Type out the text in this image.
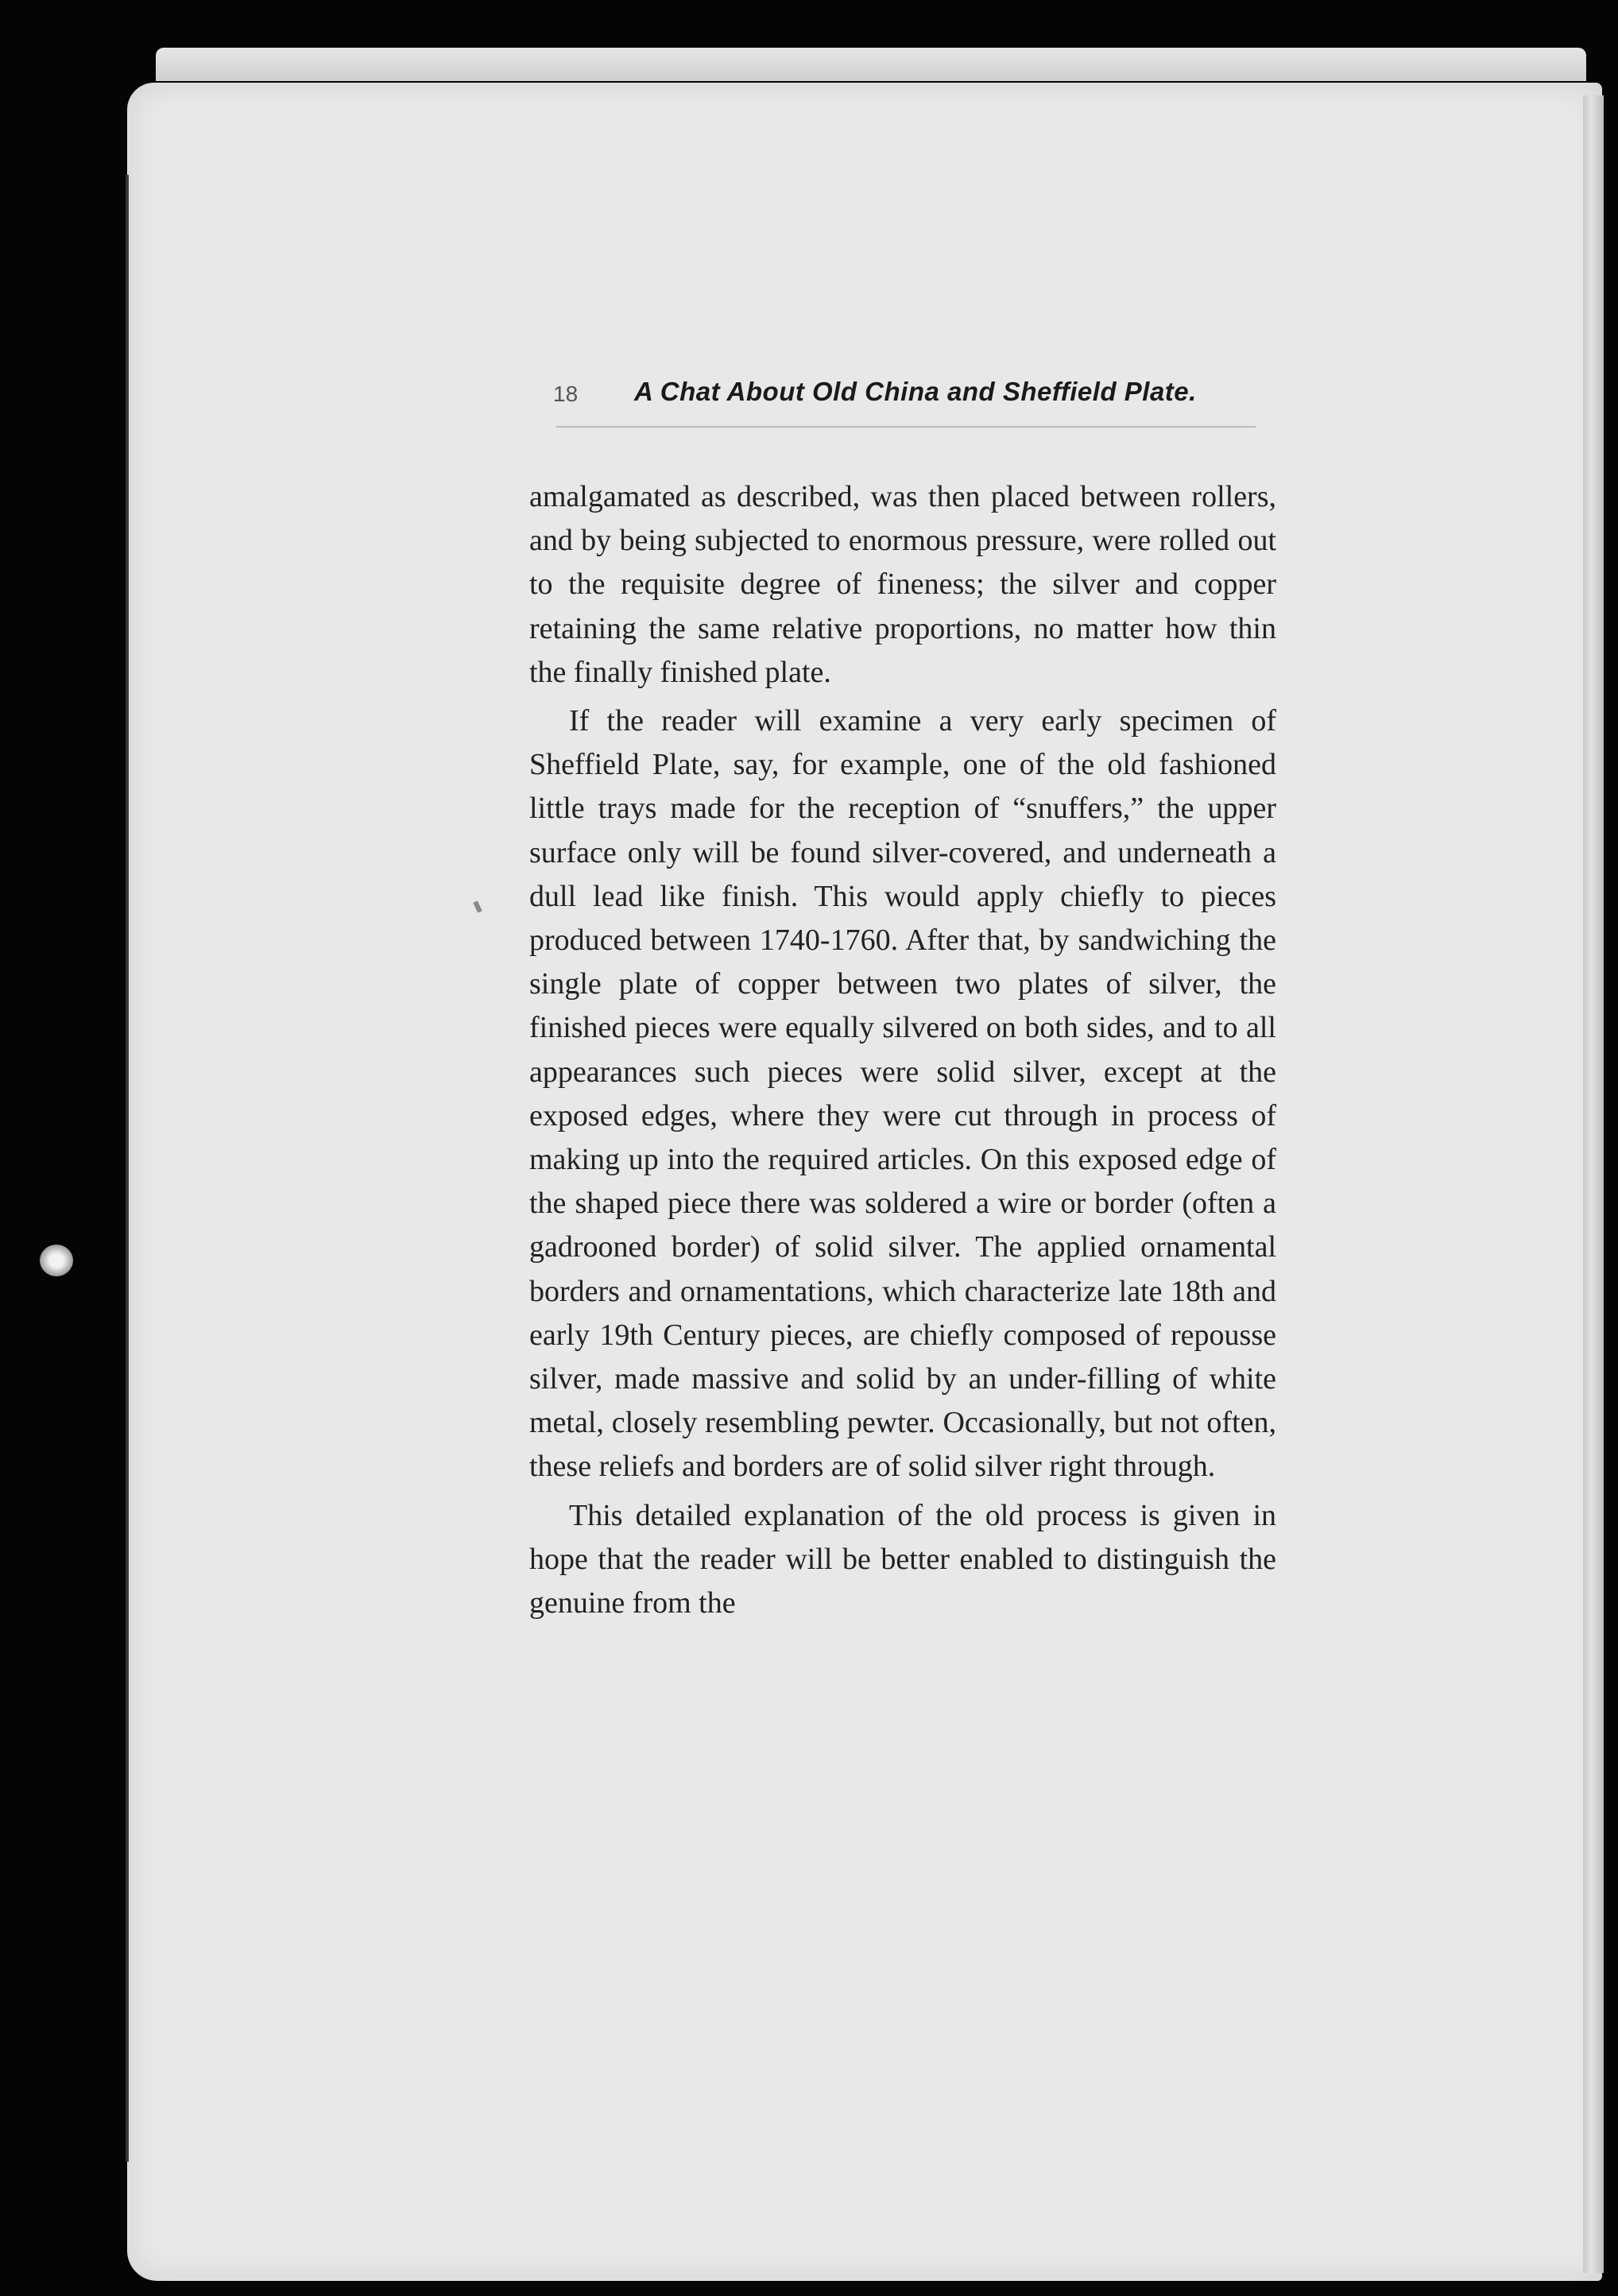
18 A Chat About Old China and Sheffield Plate.

amalgamated as described, was then placed between rollers, and by being subjected to enormous pressure, were rolled out to the requisite degree of fineness; the silver and copper retaining the same relative proportions, no matter how thin the finally finished plate.

If the reader will examine a very early specimen of Sheffield Plate, say, for example, one of the old fashioned little trays made for the reception of “snuffers,” the upper surface only will be found silver-covered, and underneath a dull lead like finish. This would apply chiefly to pieces produced between 1740-1760. After that, by sandwiching the single plate of copper between two plates of silver, the finished pieces were equally silvered on both sides, and to all appearances such pieces were solid silver, except at the exposed edges, where they were cut through in process of making up into the required articles. On this exposed edge of the shaped piece there was soldered a wire or border (often a gadrooned border) of solid silver. The applied ornamental borders and ornamentations, which characterize late 18th and early 19th Century pieces, are chiefly composed of repousse silver, made massive and solid by an under-filling of white metal, closely resembling pewter. Occasionally, but not often, these reliefs and borders are of solid silver right through.

This detailed explanation of the old process is given in hope that the reader will be better enabled to distinguish the genuine from the
